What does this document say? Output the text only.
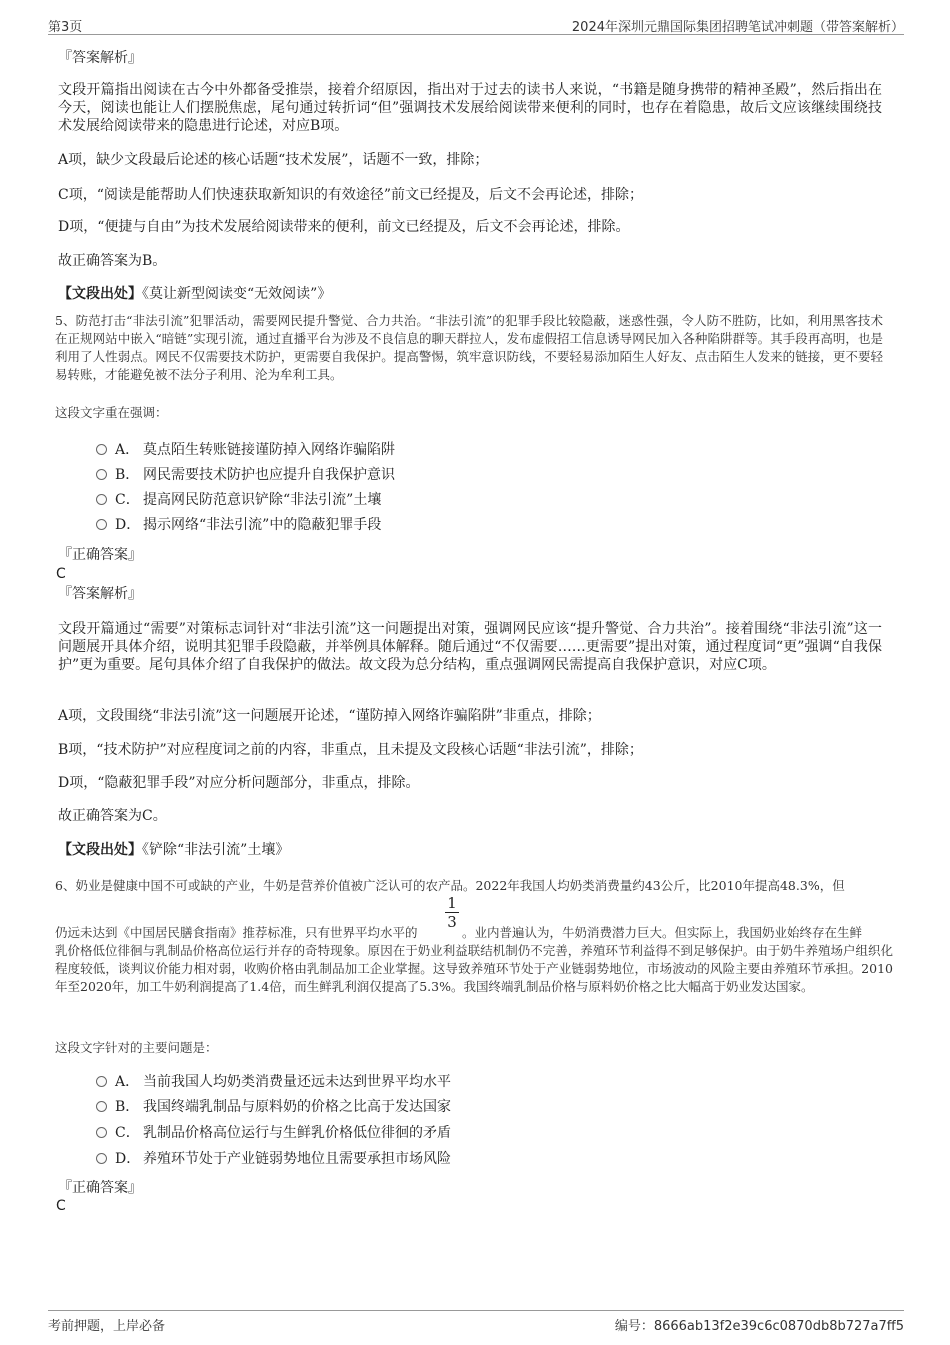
第3页	2024年深圳元鼎国际集团招聘笔试冲刺题（带答案解析）
『答案解析』
文段开篇指出阅读在古今中外都备受推崇，接着介绍原因，指出对于过去的读书人来说，“书籍是随身携带的精神圣殿”，然后指出在今天，阅读也能让人们摆脱焦虑，尾句通过转折词“但”强调技术发展给阅读带来便利的同时，也存在着隐患，故后文应该继续围绕技术发展给阅读带来的隐患进行论述，对应B项。
A项，缺少文段最后论述的核心话题“技术发展”，话题不一致，排除；
C项，“阅读是能帮助人们快速获取新知识的有效途径”前文已经提及，后文不会再论述，排除；
D项，“便捷与自由”为技术发展给阅读带来的便利，前文已经提及，后文不会再论述，排除。
故正确答案为B。
【文段出处】《莫让新型阅读变“无效阅读”》
5、防范打击“非法引流”犯罪活动，需要网民提升警觉、合力共治。“非法引流”的犯罪手段比较隐蔽，迷惑性强，令人防不胜防，比如，利用黑客技术在正规网站中嵌入“暗链”实现引流，通过直播平台为涉及不良信息的聊天群拉人，发布虚假招工信息诱导网民加入各种陷阱群等。其手段再高明，也是利用了人性弱点。网民不仅需要技术防护，更需要自我保护。提高警惕，筑牢意识防线，不要轻易添加陌生人好友、点击陌生人发来的链接，更不要轻易转账，才能避免被不法分子利用、沦为牟利工具。
这段文字重在强调：
A． 莫点陌生转账链接谨防掉入网络诈骗陷阱
B． 网民需要技术防护也应提升自我保护意识
C． 提高网民防范意识铲除“非法引流”土壤
D． 揭示网络“非法引流”中的隐蔽犯罪手段
『正确答案』
C
『答案解析』
文段开篇通过“需要”对策标志词针对“非法引流”这一问题提出对策，强调网民应该“提升警觉、合力共治”。接着围绕“非法引流”这一问题展开具体介绍，说明其犯罪手段隐蔽，并举例具体解释。随后通过“不仅需要……更需要”提出对策，通过程度词“更”强调“自我保护”更为重要。尾句具体介绍了自我保护的做法。故文段为总分结构，重点强调网民需提高自我保护意识，对应C项。
A项，文段围绕“非法引流”这一问题展开论述，“谨防掉入网络诈骗陷阱”非重点，排除；
B项，“技术防护”对应程度词之前的内容，非重点，且未提及文段核心话题“非法引流”，排除；
D项，“隐蔽犯罪手段”对应分析问题部分，非重点，排除。
故正确答案为C。
【文段出处】《铲除“非法引流”土壤》
6、奶业是健康中国不可或缺的产业，牛奶是营养价值被广泛认可的农产品。2022年我国人均奶类消费量约43公斤，比2010年提高48.3%，但
1
3
仍远未达到《中国居民膳食指南》推荐标准，只有世界平均水平的	。业内普遍认为，牛奶消费潜力巨大。但实际上，我国奶业始终存在生鲜
乳价格低位徘徊与乳制品价格高位运行并存的奇特现象。原因在于奶业利益联结机制仍不完善，养殖环节利益得不到足够保护。由于奶牛养殖场户组织化程度较低，谈判议价能力相对弱，收购价格由乳制品加工企业掌握。这导致养殖环节处于产业链弱势地位，市场波动的风险主要由养殖环节承担。2010年至2020年，加工牛奶利润提高了1.4倍，而生鲜乳利润仅提高了5.3%。我国终端乳制品价格与原料奶价格之比大幅高于奶业发达国家。
这段文字针对的主要问题是：
A． 当前我国人均奶类消费量还远未达到世界平均水平
B． 我国终端乳制品与原料奶的价格之比高于发达国家
C． 乳制品价格高位运行与生鲜乳价格低位徘徊的矛盾
D． 养殖环节处于产业链弱势地位且需要承担市场风险
『正确答案』
C
考前押题，上岸必备	编号：8666ab13f2e39c6c0870db8b727a7ff5
